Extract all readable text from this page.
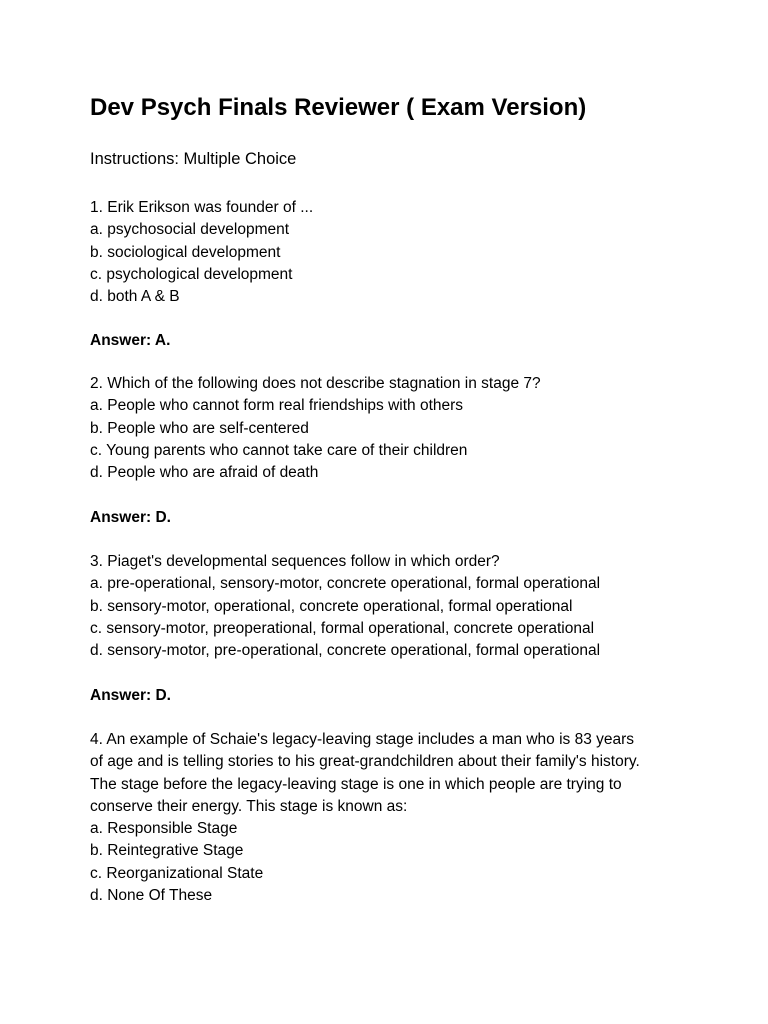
Dev Psych Finals Reviewer ( Exam Version)

Instructions: Multiple Choice

1. Erik Erikson was founder of ...

a. psychosocial development

b. sociological development

c. psychological development

d. both A & B

Answer: A.

2. Which of the following does not describe stagnation in stage 7?

a. People who cannot form real friendships with others

b. People who are self-centered

c. Young parents who cannot take care of their children

d. People who are afraid of death

Answer: D.

3. Piaget's developmental sequences follow in which order?

a. pre-operational, sensory-motor, concrete operational, formal operational

b. sensory-motor, operational, concrete operational, formal operational

c. sensory-motor, preoperational, formal operational, concrete operational

d. sensory-motor, pre-operational, concrete operational, formal operational

Answer: D.

4. An example of Schaie's legacy-leaving stage includes a man who is 83 years

of age and is telling stories to his great-grandchildren about their family's history.

The stage before the legacy-leaving stage is one in which people are trying to

conserve their energy. This stage is known as:

a. Responsible Stage

b. Reintegrative Stage

c. Reorganizational State

d. None Of These
